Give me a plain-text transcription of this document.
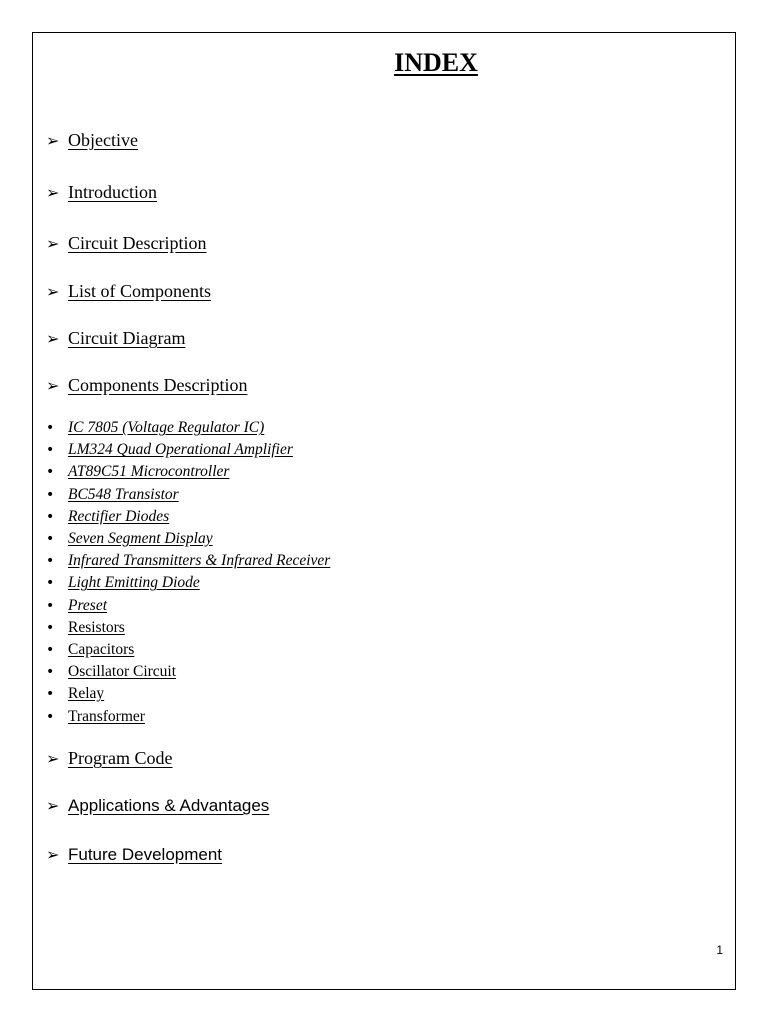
INDEX
➢ Objective
➢ Introduction
➢ Circuit Description
➢ List of Components
➢ Circuit Diagram
➢ Components Description
• IC 7805 (Voltage Regulator IC)
• LM324 Quad Operational Amplifier
• AT89C51 Microcontroller
• BC548 Transistor
• Rectifier Diodes
• Seven Segment Display
• Infrared Transmitters & Infrared Receiver
• Light Emitting Diode
• Preset
• Resistors
• Capacitors
• Oscillator Circuit
• Relay
• Transformer
➢ Program Code
➢ Applications & Advantages
➢ Future Development
1
